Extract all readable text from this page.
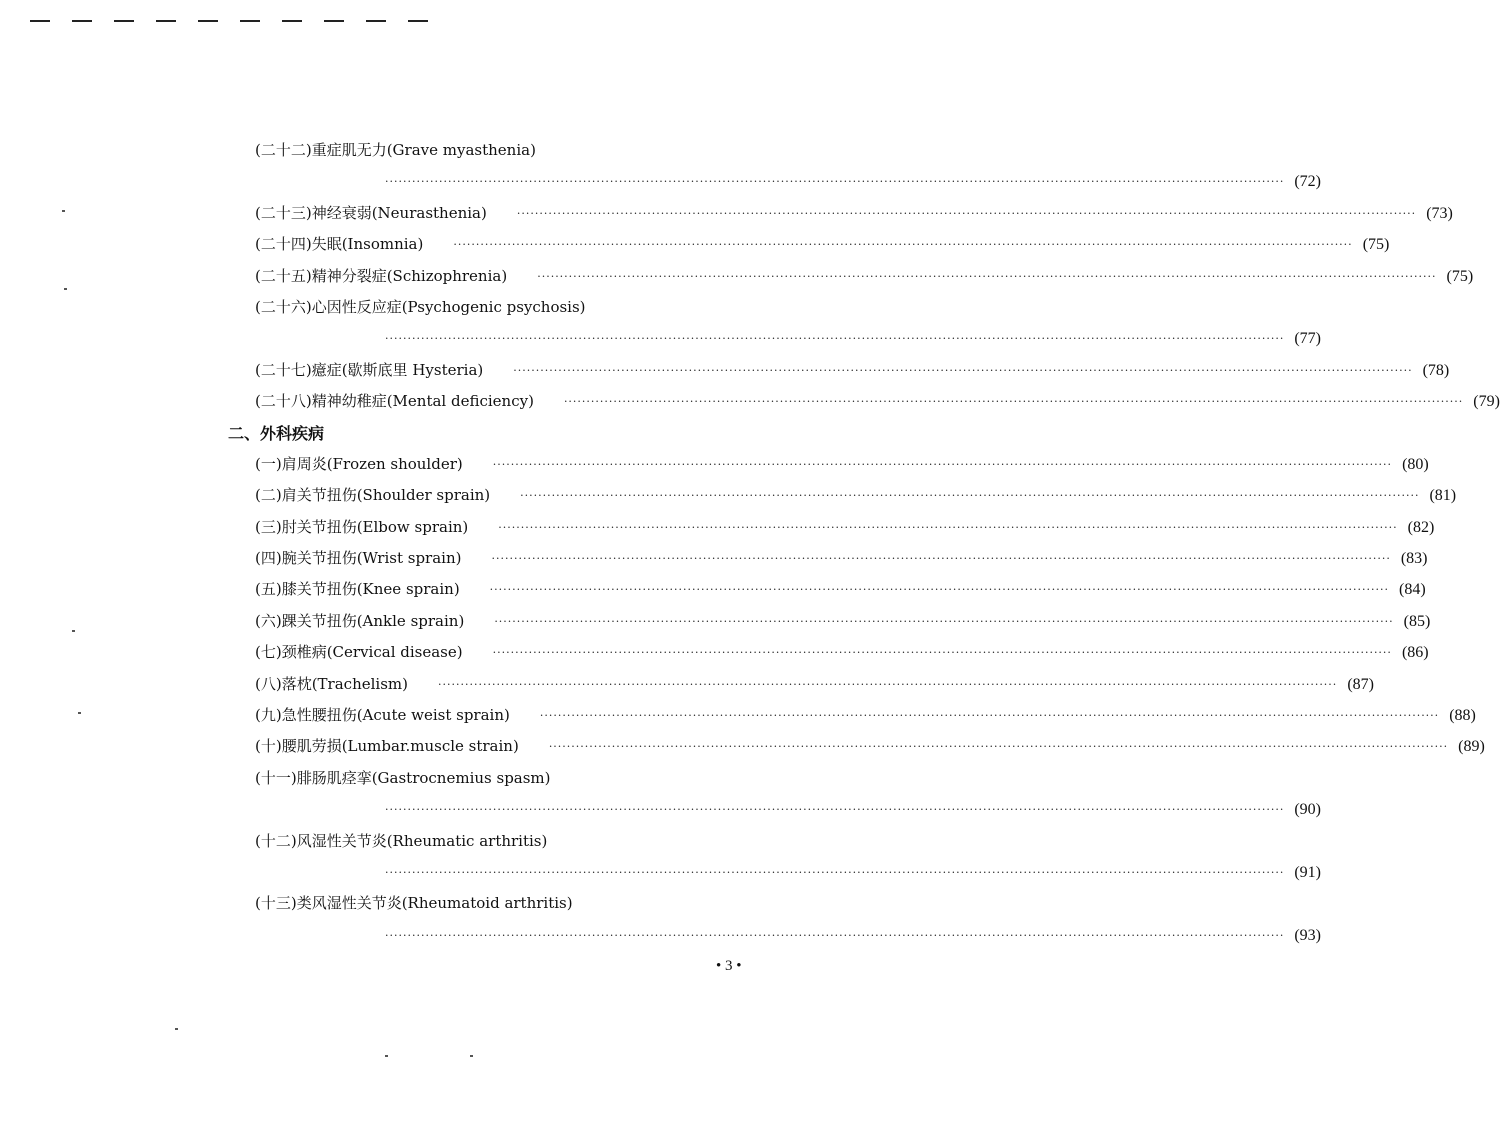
(二十二)重症肌无力(Grave myasthenia)
········································································································································································································ (72)
(二十三)神经衰弱(Neurasthenia)	········································································································································································································ (73)
(二十四)失眠(Insomnia)	········································································································································································································ (75)
(二十五)精神分裂症(Schizophrenia)	········································································································································································································ (75)
(二十六)心因性反应症(Psychogenic psychosis)
········································································································································································································ (77)
(二十七)癔症(歇斯底里 Hysteria)	········································································································································································································ (78)
(二十八)精神幼稚症(Mental deficiency)	········································································································································································································ (79)
二、外科疾病
(一)肩周炎(Frozen shoulder)	········································································································································································································ (80)
(二)肩关节扭伤(Shoulder sprain)	········································································································································································································ (81)
(三)肘关节扭伤(Elbow sprain)	········································································································································································································ (82)
(四)腕关节扭伤(Wrist sprain)	········································································································································································································ (83)
(五)膝关节扭伤(Knee sprain)	········································································································································································································ (84)
(六)踝关节扭伤(Ankle sprain)	········································································································································································································ (85)
(七)颈椎病(Cervical disease)	········································································································································································································ (86)
(八)落枕(Trachelism)	········································································································································································································ (87)
(九)急性腰扭伤(Acute weist sprain)	········································································································································································································ (88)
(十)腰肌劳损(Lumbar.muscle strain)	········································································································································································································ (89)
(十一)腓肠肌痉挛(Gastrocnemius spasm)
········································································································································································································ (90)
(十二)风湿性关节炎(Rheumatic arthritis)
········································································································································································································ (91)
(十三)类风湿性关节炎(Rheumatoid arthritis)
········································································································································································································ (93)
• 3 •
